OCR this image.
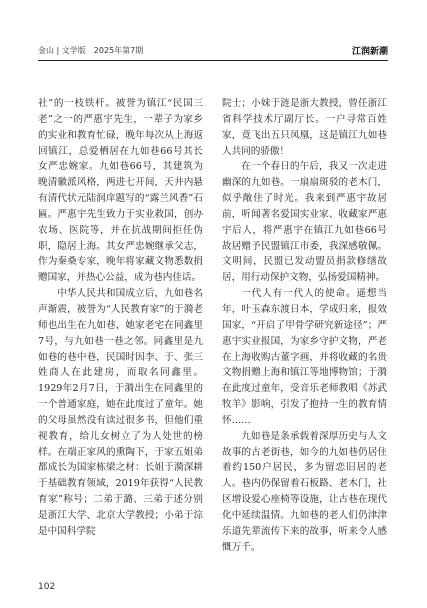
金山 | 文学版　2025年第7期	江润新潮

社”的一枝铁杆。被誉为镇江“民国三老”之一的严惠宇先生，一辈子为家乡的实业和教育忙碌，晚年每次从上海返回镇江，总爱栖居在九如巷66号其长女严忠婉家。九如巷66号，其建筑为晚清徽派风格，两进七开间，天井内悬有清代状元陆润庠题写的“露兰风香”石匾。严惠宇先生致力于实业救国，创办农场、医院等，并在抗战期间拒任伪职，隐居上海。其女严忠婉继承父志，作为秦桑专家，晚年将家藏文物悉数捐赠国家，并热心公益，成为巷内佳话。

中华人民共和国成立后，九如巷名声渐震，被誉为“人民教育家”的于漪老师也出生在九如巷，她家老宅在同鑫里7号，与九如巷一巷之邻。同鑫里是九如巷的巷中巷，民国时因李、于、张三姓商人在此建房，而取名同鑫里。1929年2月7日，于漪出生在同鑫里的一个普通家庭，她在此度过了童年。她的父母虽然没有读过很多书，但他们重视教育，给儿女树立了为人处世的榜样。在端正家风的熏陶下，于家五姐弟都成长为国家栋梁之材：长姐于漪深耕于基础教育领域，2019年获得“人民教育家”称号；二弟于潞、三弟于述分别是浙江大学、北京大学教授；小弟于淙是中国科学院

院士；小妹于涟是浙大教授，曾任浙江省科学技术厅副厅长。一户寻常百姓家，竟飞出五只凤凰，这是镇江九如巷人共同的骄傲！

在一个春日的午后，我又一次走进幽深的九如巷。一扇扇斑驳的老木门，似乎敞住了时光。我来到严惠宇故居前，听闻著名爱国实业家、收藏家严惠宇后人，将严惠宇在镇江九如巷66号故居赠予民盟镇江市委，我深感敬佩。文明间，民盟已发动盟员捐款修缮故居，用行动保护文物，弘扬爱国精神。

一代人有一代人的使命。遥想当年，叶玉森东渡日本，学成归来，报效国家，“开启了甲骨学研究新途径”；严惠宇实业报国，为家乡守护文物，严老在上海收购古董字画，并将收藏的名贵文物捐赠上海和镇江等地博物馆；于漪在此度过童年，受音乐老师教唱《苏武牧羊》影响，引发了抱持一生的教育情怀……

九如巷是条承载着深厚历史与人文故事的古老街巷，如今的九如巷仍居住着约150户居民，多为留恋旧居的老人。巷内仍保留着石板路、老木门，社区增设爱心座椅等设施，让古巷在现代化中延续温情。九如巷的老人们仍津津乐道先辈流传下来的故事，听来令人感慨万千。

102
